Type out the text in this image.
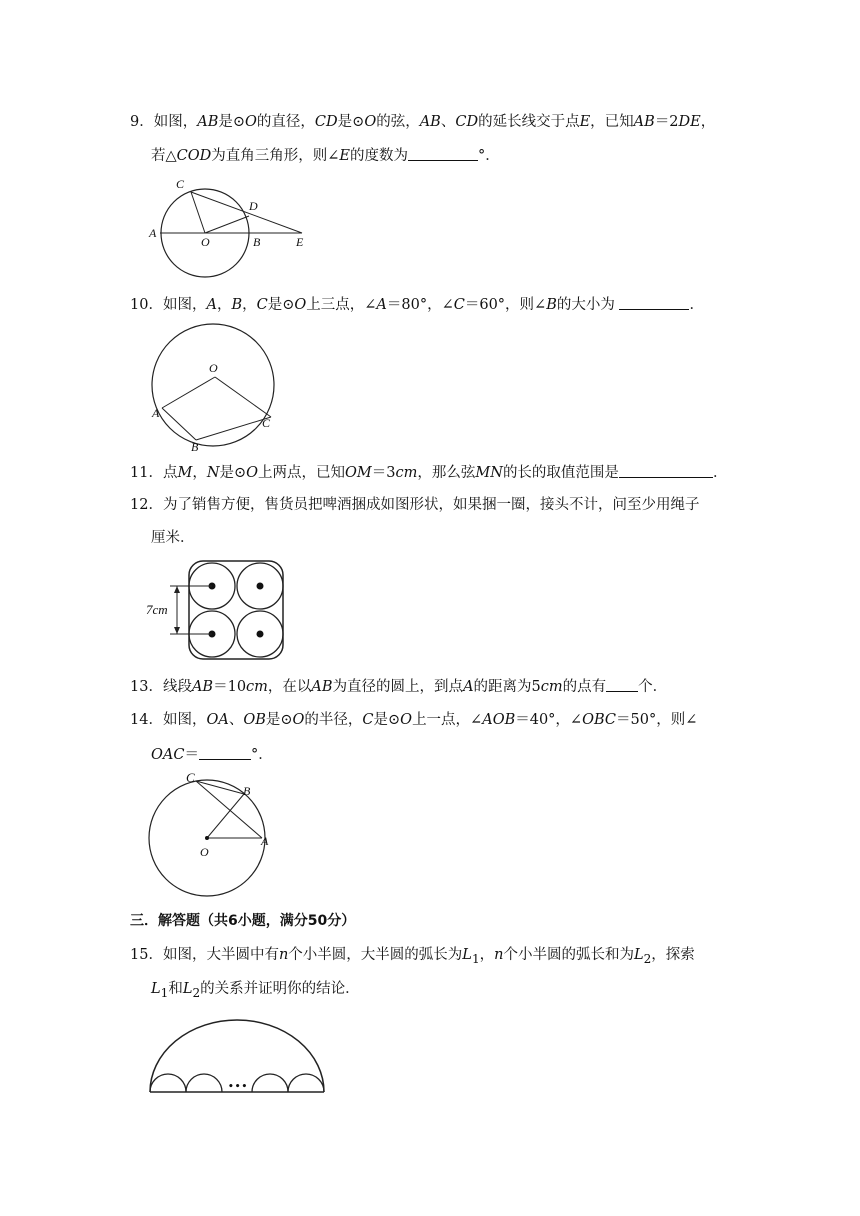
9．如图，AB是⊙O的直径，CD是⊙O的弦，AB、CD的延长线交于点E，已知AB＝2DE，
若△COD为直角三角形，则∠E的度数为	°．
C
D
A
O	B	E
10．如图，A，B，C是⊙O上三点，∠A＝80°，∠C＝60°，则∠B的大小为	．
O
A
B
C
11．点M，N是⊙O上两点，已知OM＝3cm，那么弦MN的长的取值范围是	．
12．为了销售方便，售货员把啤酒捆成如图形状，如果捆一圈，接头不计，问至少用绳子
厘米．
7cm
13．线段AB＝10cm，在以AB为直径的圆上，到点A的距离为5cm的点有 个．
14．如图，OA、OB是⊙O的半径，C是⊙O上一点，∠AOB＝40°，∠OBC＝50°，则∠
OAC＝	°．
C
B
O
A
三．解答题（共6小题，满分50分）
15．如图，大半圆中有n个小半圆，大半圆的弧长为$L_1$，n个小半圆的弧长和为$L_2$，探索
$L_1$和$L_2$的关系并证明你的结论．
•••
